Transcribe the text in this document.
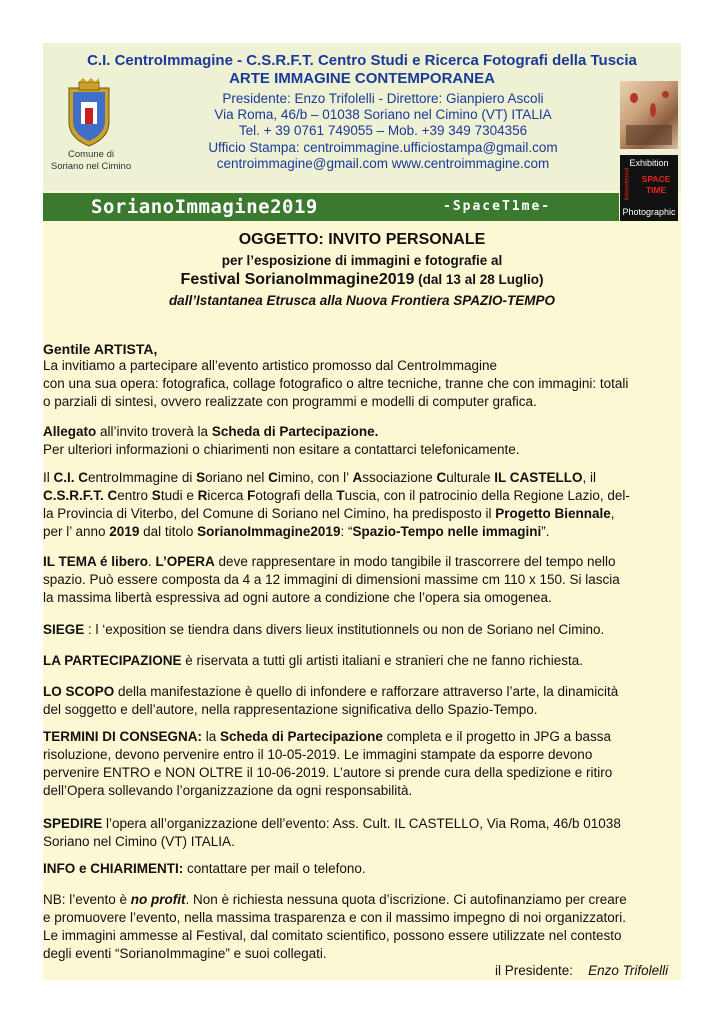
C.I. CentroImmagine - C.S.R.F.T. Centro Studi e Ricerca Fotografi della Tuscia
ARTE IMMAGINE CONTEMPORANEA
Comune di
Soriano nel Cimino
Presidente: Enzo Trifolelli - Direttore: Gianpiero Ascoli
Via Roma, 46/b – 01038 Soriano nel Cimino (VT) ITALIA
Tel. + 39 0761 749055 – Mob. +39 349 7304356
Ufficio Stampa: centroimmagine.ufficiostampa@gmail.com
centroimmagine@gmail.com www.centroimmagine.com
SorianoImmagine2019	-SpaceT1me-
Exhibition
International	SPACE
TIME
Photographic
OGGETTO: INVITO PERSONALE
per l’esposizione di immagini e fotografie al
Festival SorianoImmagine2019 (dal 13 al 28 Luglio)
dall’Istantanea Etrusca alla Nuova Frontiera SPAZIO-TEMPO
Gentile ARTISTA,
La invitiamo a partecipare all’evento artistico promosso dal CentroImmagine
con una sua opera: fotografica, collage fotografico o altre tecniche, tranne che con immagini: totali
o parziali di sintesi, ovvero realizzate con programmi e modelli di computer grafica.
Allegato all’invito troverà la Scheda di Partecipazione.
Per ulteriori informazioni o chiarimenti non esitare a contattarci telefonicamente.
Il C.I. CentroImmagine di Soriano nel Cimino, con l’ Associazione Culturale IL CASTELLO, il
C.S.R.F.T. Centro Studi e Ricerca Fotografi della Tuscia, con il patrocinio della Regione Lazio, del-
la Provincia di Viterbo, del Comune di Soriano nel Cimino, ha predisposto il Progetto Biennale,
per l’ anno 2019 dal titolo SorianoImmagine2019: “Spazio-Tempo nelle immagini”.
IL TEMA é libero. L’OPERA deve rappresentare in modo tangibile il trascorrere del tempo nello
spazio. Può essere composta da 4 a 12 immagini di dimensioni massime cm 110 x 150. Si lascia
la massima libertà espressiva ad ogni autore a condizione che l’opera sia omogenea.
SIEGE : l ‘exposition se tiendra dans divers lieux institutionnels ou non de Soriano nel Cimino.
LA PARTECIPAZIONE è riservata a tutti gli artisti italiani e stranieri che ne fanno richiesta.
LO SCOPO della manifestazione è quello di infondere e rafforzare attraverso l’arte, la dinamicità
del soggetto e dell’autore, nella rappresentazione significativa dello Spazio-Tempo.
TERMINI DI CONSEGNA: la Scheda di Partecipazione completa e il progetto in JPG a bassa
risoluzione, devono pervenire entro il 10-05-2019. Le immagini stampate da esporre devono
pervenire ENTRO e NON OLTRE il 10-06-2019. L’autore si prende cura della spedizione e ritiro
dell’Opera sollevando l’organizzazione da ogni responsabilità.
SPEDIRE l’opera all’organizzazione dell’evento: Ass. Cult. IL CASTELLO, Via Roma, 46/b 01038
Soriano nel Cimino (VT) ITALIA.
INFO e CHIARIMENTI: contattare per mail o telefono.
NB: l’evento è no profit. Non è richiesta nessuna quota d’iscrizione. Ci autofinanziamo per creare
e promuovere l’evento, nella massima trasparenza e con il massimo impegno di noi organizzatori.
Le immagini ammesse al Festival, dal comitato scientifico, possono essere utilizzate nel contesto
degli eventi “SorianoImmagine” e suoi collegati.
il Presidente: Enzo Trifolelli
